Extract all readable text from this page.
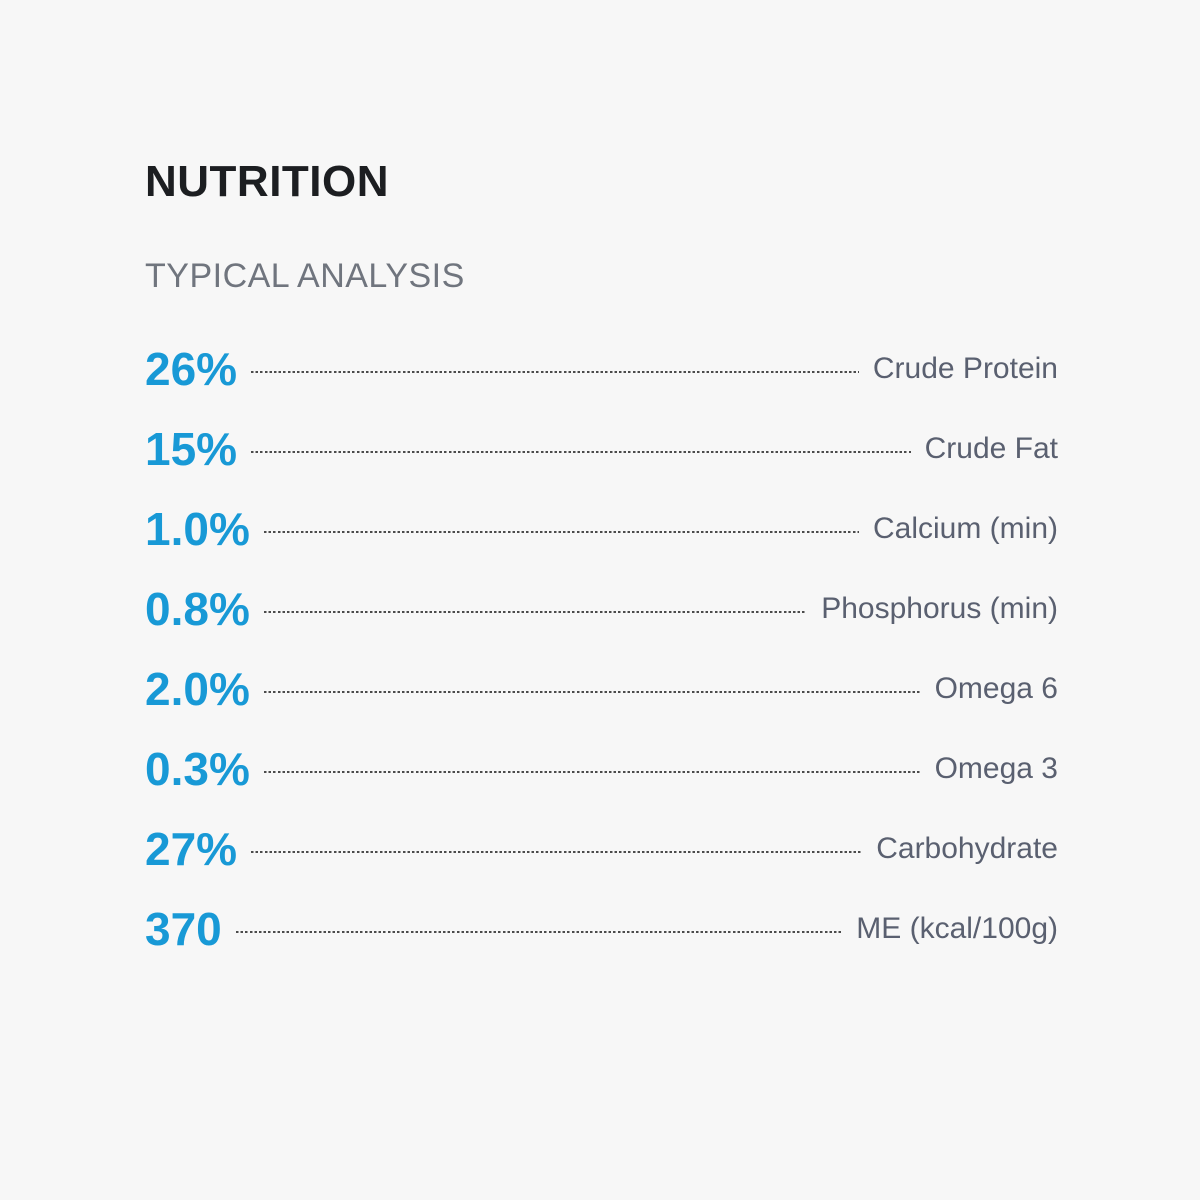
NUTRITION
TYPICAL ANALYSIS
26%	Crude Protein
15%	Crude Fat
1.0%	Calcium (min)
0.8%	Phosphorus (min)
2.0%	Omega 6
0.3%	Omega 3
27%	Carbohydrate
370	ME (kcal/100g)
